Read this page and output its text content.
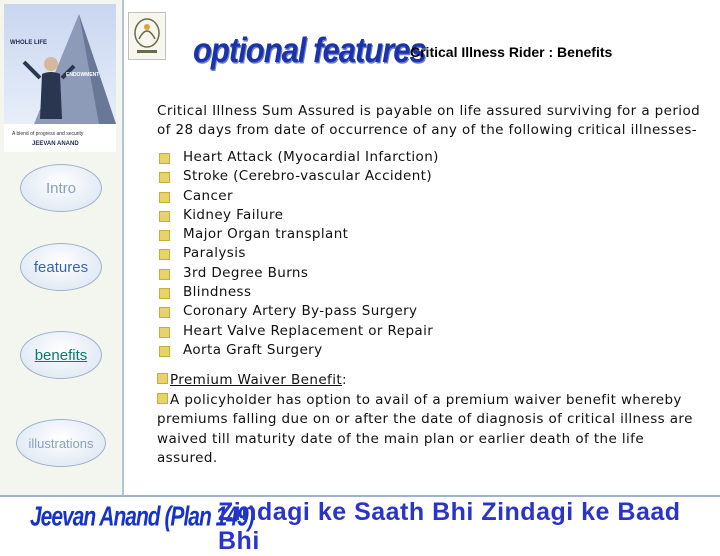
WHOLE LIFE
ENDOWMENT
A blend of progress and security
JEEVAN ANAND
Intro
features
benefits
illustrations
optional features
Critical Illness Rider : Benefits

Critical Illness Sum Assured is payable on life assured surviving for a period of 28 days from date of occurrence of any of the following critical illnesses-

Heart Attack (Myocardial Infarction)
Stroke (Cerebro-vascular Accident)
Cancer
Kidney Failure
Major Organ transplant
Paralysis
3rd Degree Burns
Blindness
Coronary Artery By-pass Surgery
Heart Valve Replacement or Repair
Aorta Graft Surgery

Premium Waiver Benefit:

A policyholder has option to avail of a premium waiver benefit whereby premiums falling due on or after the date of diagnosis of critical illness are waived till maturity date of the main plan or earlier death of the life assured.

Jeevan Anand (Plan 149)
Zindagi ke Saath Bhi Zindagi ke Baad Bhi
